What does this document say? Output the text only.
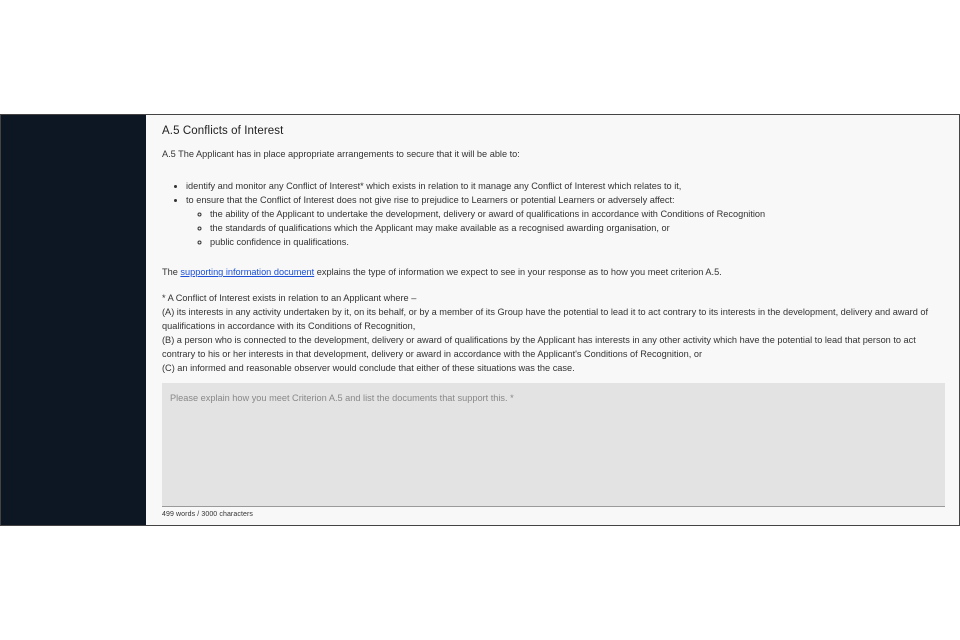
A.5 Conflicts of Interest

A.5 The Applicant has in place appropriate arrangements to secure that it will be able to:

• identify and monitor any Conflict of Interest* which exists in relation to it manage any Conflict of Interest which relates to it,
• to ensure that the Conflict of Interest does not give rise to prejudice to Learners or potential Learners or adversely affect:
◦ the ability of the Applicant to undertake the development, delivery or award of qualifications in accordance with Conditions of Recognition
◦ the standards of qualifications which the Applicant may make available as a recognised awarding organisation, or
◦ public confidence in qualifications.

The supporting information document explains the type of information we expect to see in your response as to how you meet criterion A.5.

* A Conflict of Interest exists in relation to an Applicant where –

(A) its interests in any activity undertaken by it, on its behalf, or by a member of its Group have the potential to lead it to act contrary to its interests in the development, delivery and award of qualifications in accordance with its Conditions of Recognition,

(B) a person who is connected to the development, delivery or award of qualifications by the Applicant has interests in any other activity which have the potential to lead that person to act contrary to his or her interests in that development, delivery or award in accordance with the Applicant's Conditions of Recognition, or

(C) an informed and reasonable observer would conclude that either of these situations was the case.

Please explain how you meet Criterion A.5 and list the documents that support this. *
499 words / 3000 characters
